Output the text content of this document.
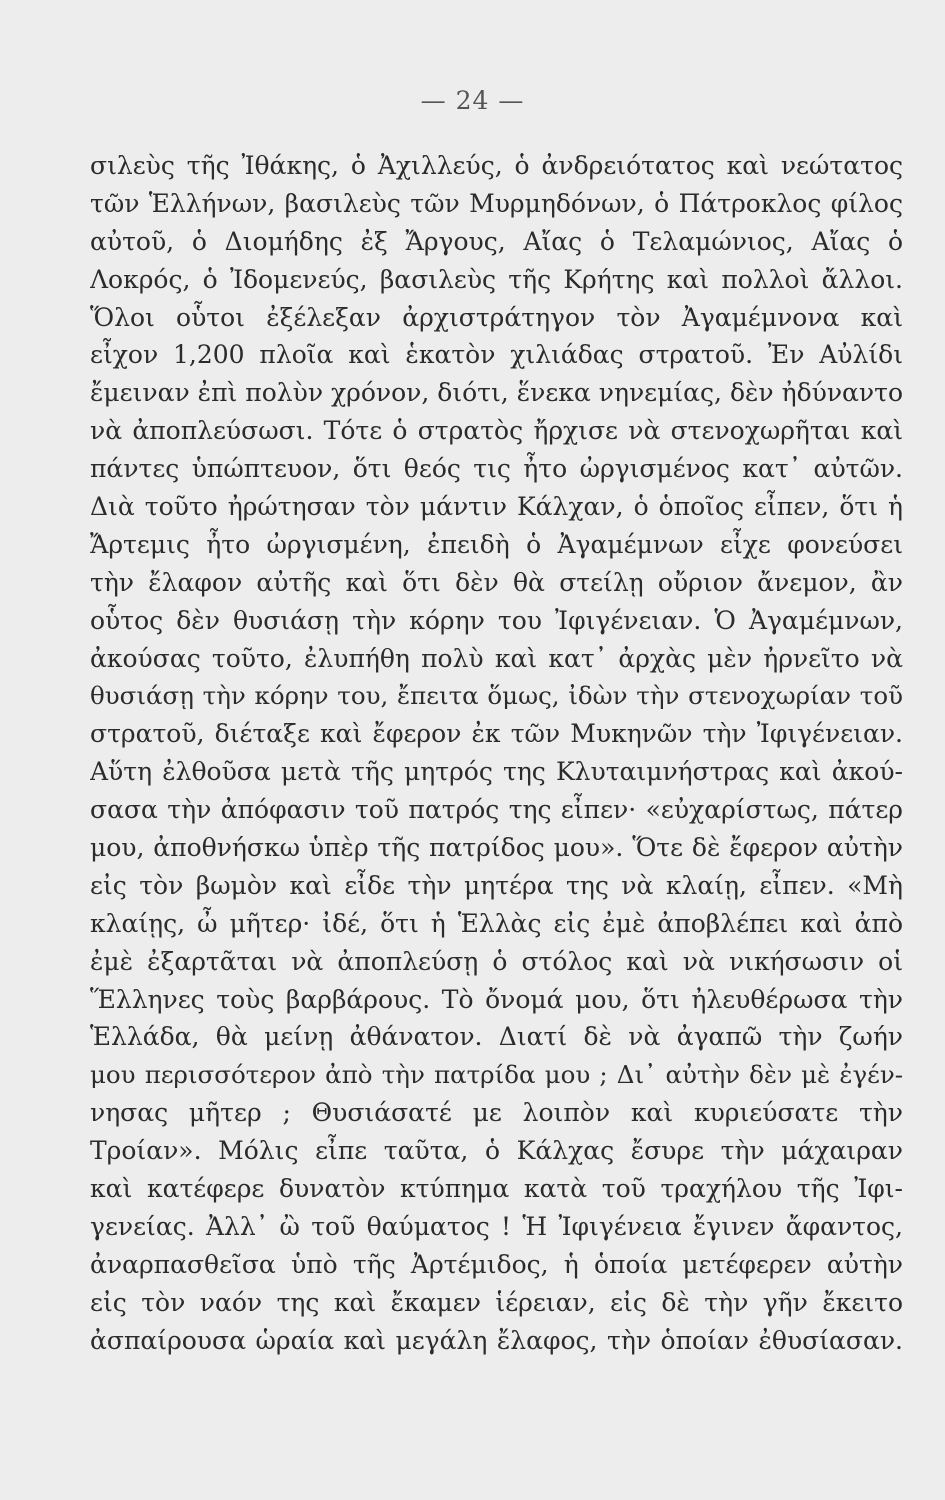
— 24 —
σιλεὺς τῆς Ἰθάκης, ὁ Ἀχιλλεύς, ὁ ἀνδρειότατος καὶ νεώτατος
τῶν Ἑλλήνων, βασιλεὺς τῶν Μυρμηδόνων, ὁ Πάτροκλος φίλος
αὐτοῦ, ὁ Διομήδης ἐξ Ἄργους, Αἴας ὁ Τελαμώνιος, Αἴας ὁ
Λοκρός, ὁ Ἰδομενεύς, βασιλεὺς τῆς Κρήτης καὶ πολλοὶ ἄλλοι.
Ὅλοι οὗτοι ἐξέλεξαν ἀρχιστράτηγον τὸν Ἀγαμέμνονα καὶ
εἶχον 1,200 πλοῖα καὶ ἑκατὸν χιλιάδας στρατοῦ. Ἐν Αὐλίδι
ἔμειναν ἐπὶ πολὺν χρόνον, διότι, ἕνεκα νηνεμίας, δὲν ἠδύναντο
νὰ ἀποπλεύσωσι. Τότε ὁ στρατὸς ἤρχισε νὰ στενοχωρῆται καὶ
πάντες ὑπώπτευον, ὅτι θεός τις ἦτο ὠργισμένος κατ᾽ αὐτῶν.
Διὰ τοῦτο ἠρώτησαν τὸν μάντιν Κάλχαν, ὁ ὁποῖος εἶπεν, ὅτι ἡ
Ἄρτεμις ἦτο ὠργισμένη, ἐπειδὴ ὁ Ἀγαμέμνων εἶχε φονεύσει
τὴν ἔλαφον αὐτῆς καὶ ὅτι δὲν θὰ στείλῃ οὔριον ἄνεμον, ἂν
οὗτος δὲν θυσιάσῃ τὴν κόρην του Ἰφιγένειαν. Ὁ Ἀγαμέμνων,
ἀκούσας τοῦτο, ἐλυπήθη πολὺ καὶ κατ᾽ ἀρχὰς μὲν ἠρνεῖτο νὰ
θυσιάσῃ τὴν κόρην του, ἔπειτα ὅμως, ἰδὼν τὴν στενοχωρίαν τοῦ
στρατοῦ, διέταξε καὶ ἔφερον ἐκ τῶν Μυκηνῶν τὴν Ἰφιγένειαν.
Αὕτη ἐλθοῦσα μετὰ τῆς μητρός της Κλυταιμνήστρας καὶ ἀκού-
σασα τὴν ἀπόφασιν τοῦ πατρός της εἶπεν· «εὐχαρίστως, πάτερ
μου, ἀποθνήσκω ὑπὲρ τῆς πατρίδος μου». Ὅτε δὲ ἔφερον αὐτὴν
εἰς τὸν βωμὸν καὶ εἶδε τὴν μητέρα της νὰ κλαίῃ, εἶπεν. «Μὴ
κλαίῃς, ὦ μῆτερ· ἰδέ, ὅτι ἡ Ἑλλὰς εἰς ἐμὲ ἀποβλέπει καὶ ἀπὸ
ἐμὲ ἐξαρτᾶται νὰ ἀποπλεύσῃ ὁ στόλος καὶ νὰ νικήσωσιν οἱ
Ἕλληνες τοὺς βαρβάρους. Τὸ ὄνομά μου, ὅτι ἠλευθέρωσα τὴν
Ἑλλάδα, θὰ μείνῃ ἀθάνατον. Διατί δὲ νὰ ἀγαπῶ τὴν ζωήν
μου περισσότερον ἀπὸ τὴν πατρίδα μου ; Δι᾽ αὐτὴν δὲν μὲ ἐγέν-
νησας μῆτερ ; Θυσιάσατέ με λοιπὸν καὶ κυριεύσατε τὴν
Τροίαν». Μόλις εἶπε ταῦτα, ὁ Κάλχας ἔσυρε τὴν μάχαιραν
καὶ κατέφερε δυνατὸν κτύπημα κατὰ τοῦ τραχήλου τῆς Ἰφι-
γενείας. Ἀλλ᾽ ὢ τοῦ θαύματος ! Ἡ Ἰφιγένεια ἔγινεν ἄφαντος,
ἀναρπασθεῖσα ὑπὸ τῆς Ἀρτέμιδος, ἡ ὁποία μετέφερεν αὐτὴν
εἰς τὸν ναόν της καὶ ἔκαμεν ἱέρειαν, εἰς δὲ τὴν γῆν ἔκειτο
ἀσπαίρουσα ὡραία καὶ μεγάλη ἔλαφος, τὴν ὁποίαν ἐθυσίασαν.
